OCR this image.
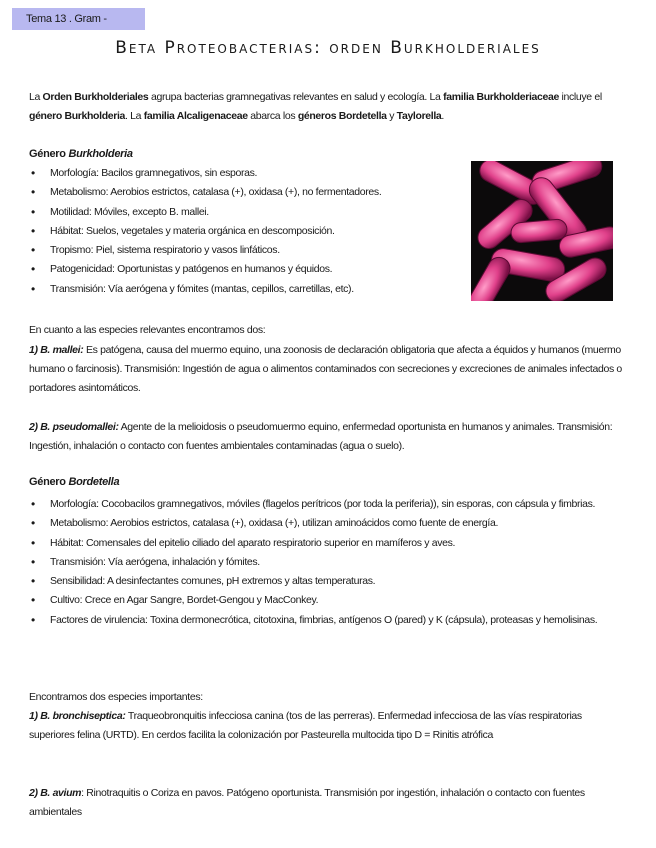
Tema 13 . Gram -
Beta Proteobacterias: orden Burkholderiales
La Orden Burkholderiales agrupa bacterias gramnegativas relevantes en salud y ecología. La familia Burkholderiaceae incluye el género Burkholderia. La familia Alcaligenaceae abarca los géneros Bordetella y Taylorella.
Género Burkholderia
• Morfología: Bacilos gramnegativos, sin esporas.
• Metabolismo: Aerobios estrictos, catalasa (+), oxidasa (+), no fermentadores.
• Motilidad: Móviles, excepto B. mallei.
• Hábitat: Suelos, vegetales y materia orgánica en descomposición.
• Tropismo: Piel, sistema respiratorio y vasos linfáticos.
• Patogenicidad: Oportunistas y patógenos en humanos y équidos.
• Transmisión: Vía aerógena y fómites (mantas, cepillos, carretillas, etc).
En cuanto a las especies relevantes encontramos dos:
1) B. mallei: Es patógena, causa del muermo equino, una zoonosis de declaración obligatoria que afecta a équidos y humanos (muermo humano o farcinosis). Transmisión: Ingestión de agua o alimentos contaminados con secreciones y excreciones de animales infectados o portadores asintomáticos.
2) B. pseudomallei: Agente de la melioidosis o pseudomuermo equino, enfermedad oportunista en humanos y animales. Transmisión: Ingestión, inhalación o contacto con fuentes ambientales contaminadas (agua o suelo).
Género Bordetella
• Morfología: Cocobacilos gramnegativos, móviles (flagelos perítricos (por toda la periferia)), sin esporas, con cápsula y fimbrias.
• Metabolismo: Aerobios estrictos, catalasa (+), oxidasa (+), utilizan aminoácidos como fuente de energía.
• Hábitat: Comensales del epitelio ciliado del aparato respiratorio superior en mamíferos y aves.
• Transmisión: Vía aerógena, inhalación y fómites.
• Sensibilidad: A desinfectantes comunes, pH extremos y altas temperaturas.
• Cultivo: Crece en Agar Sangre, Bordet-Gengou y MacConkey.
• Factores de virulencia: Toxina dermonecrótica, citotoxina, fimbrias, antígenos O (pared) y K (cápsula), proteasas y hemolisinas.
Encontramos dos especies importantes:
1) B. bronchiseptica: Traqueobronquitis infecciosa canina (tos de las perreras). Enfermedad infecciosa de las vías respiratorias superiores felina (URTD). En cerdos facilita la colonización por Pasteurella multocida tipo D = Rinitis atrófica
2) B. avium: Rinotraquitis o Coriza en pavos. Patógeno oportunista. Transmisión por ingestión, inhalación o contacto con fuentes ambientales
